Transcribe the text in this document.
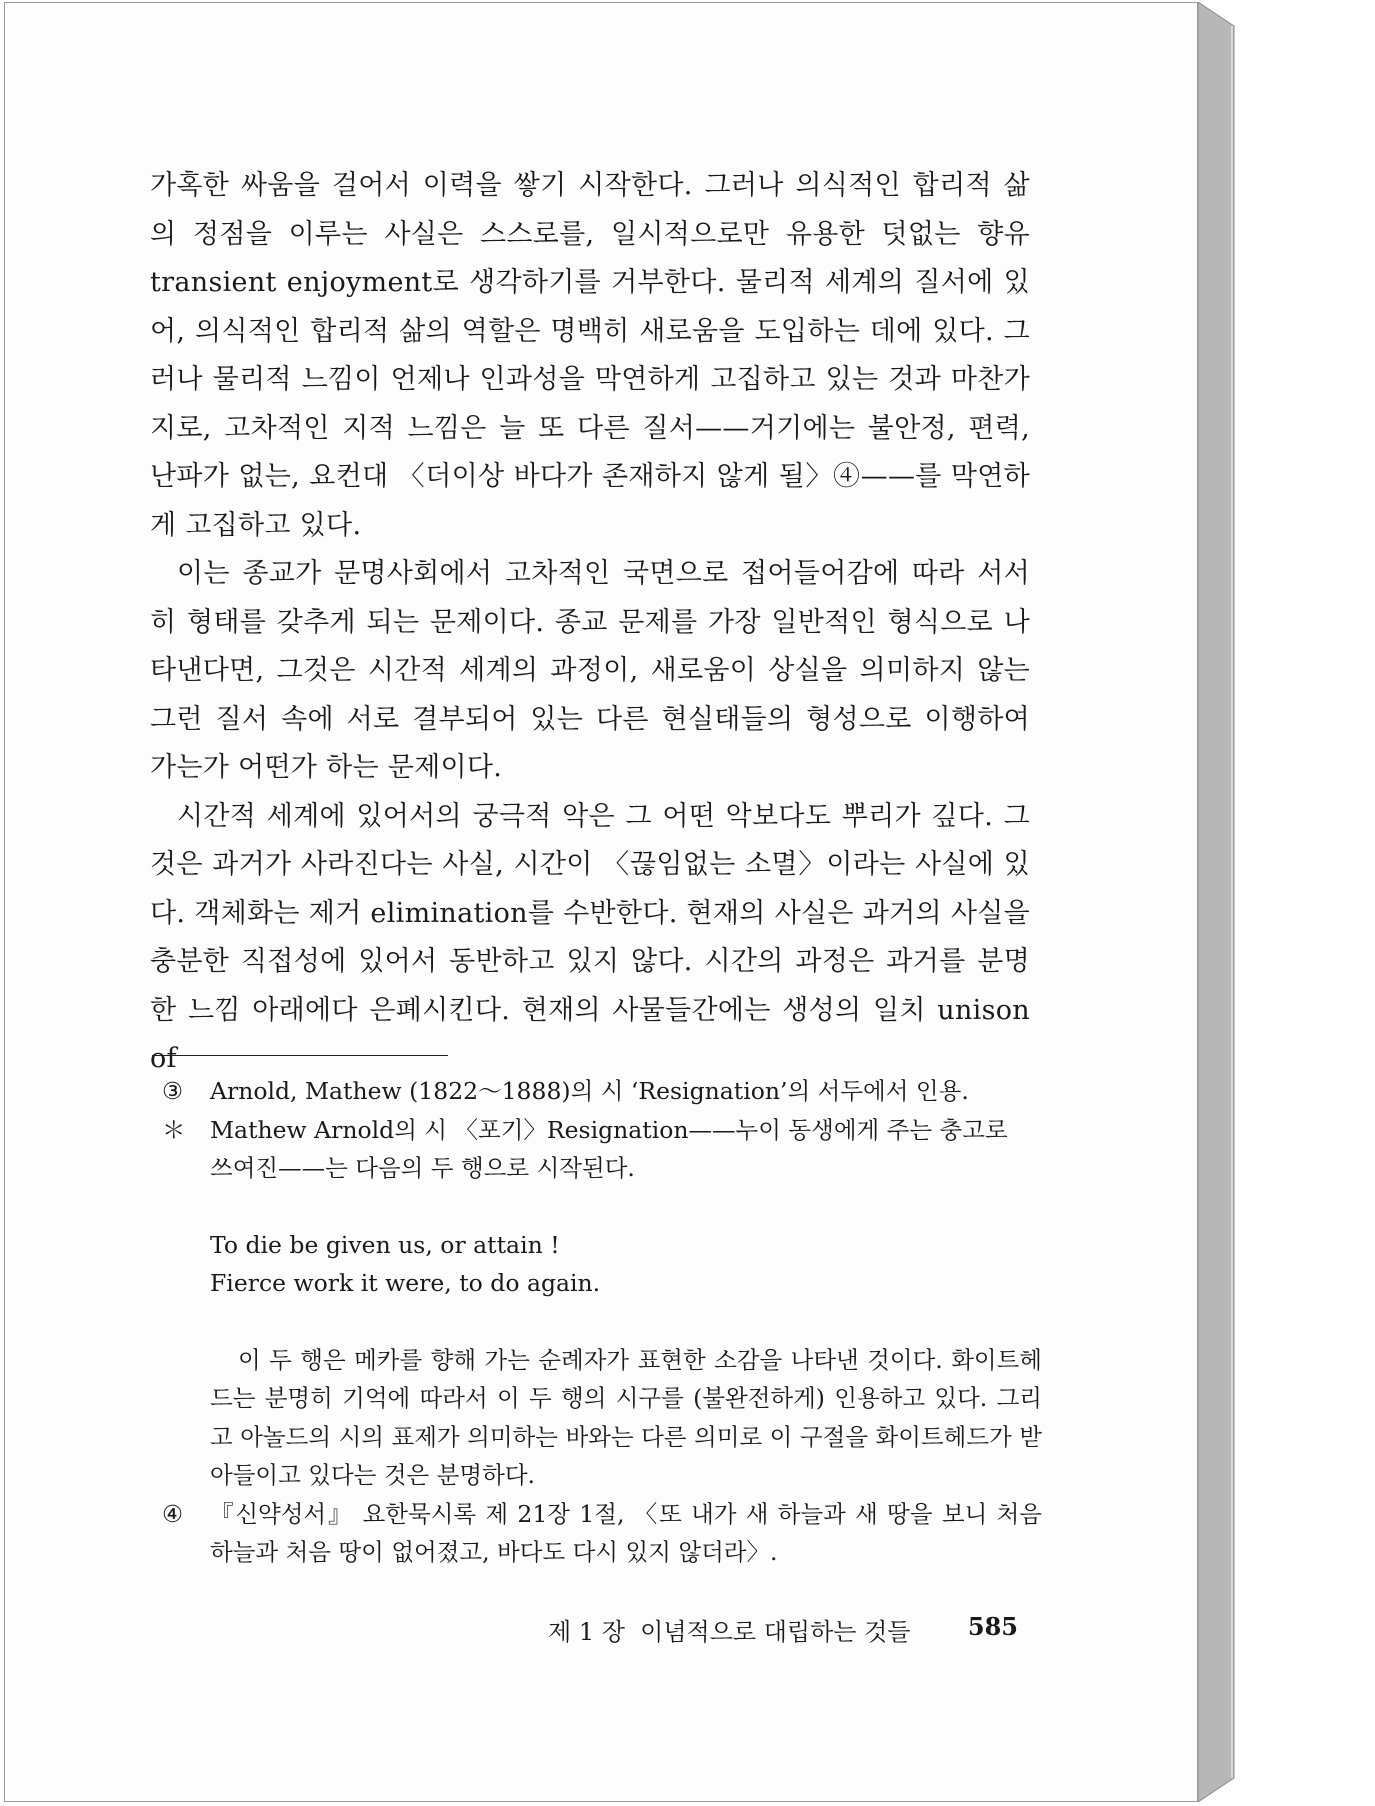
가혹한 싸움을 걸어서 이력을 쌓기 시작한다. 그러나 의식적인 합리적 삶의 정점을 이루는 사실은 스스로를, 일시적으로만 유용한 덧없는 향유 transient enjoyment로 생각하기를 거부한다. 물리적 세계의 질서에 있어, 의식적인 합리적 삶의 역할은 명백히 새로움을 도입하는 데에 있다. 그러나 물리적 느낌이 언제나 인과성을 막연하게 고집하고 있는 것과 마찬가지로, 고차적인 지적 느낌은 늘 또 다른 질서——거기에는 불안정, 편력, 난파가 없는, 요컨대 〈더이상 바다가 존재하지 않게 될〉④——를 막연하게 고집하고 있다.

이는 종교가 문명사회에서 고차적인 국면으로 접어들어감에 따라 서서히 형태를 갖추게 되는 문제이다. 종교 문제를 가장 일반적인 형식으로 나타낸다면, 그것은 시간적 세계의 과정이, 새로움이 상실을 의미하지 않는 그런 질서 속에 서로 결부되어 있는 다른 현실태들의 형성으로 이행하여 가는가 어떤가 하는 문제이다.

시간적 세계에 있어서의 궁극적 악은 그 어떤 악보다도 뿌리가 깊다. 그것은 과거가 사라진다는 사실, 시간이 〈끊임없는 소멸〉이라는 사실에 있다. 객체화는 제거 elimination를 수반한다. 현재의 사실은 과거의 사실을 충분한 직접성에 있어서 동반하고 있지 않다. 시간의 과정은 과거를 분명한 느낌 아래에다 은폐시킨다. 현재의 사물들간에는 생성의 일치 unison of

③	Arnold, Mathew (1822～1888)의 시 ‘Resignation’의 서두에서 인용.
＊	Mathew Arnold의 시 〈포기〉Resignation——누이 동생에게 주는 충고로
쓰여진——는 다음의 두 행으로 시작된다.
To die be given us, or attain !
Fierce work it were, to do again.
이 두 행은 메카를 향해 가는 순례자가 표현한 소감을 나타낸 것이다. 화이트헤드는 분명히 기억에 따라서 이 두 행의 시구를 (불완전하게) 인용하고 있다. 그리고 아놀드의 시의 표제가 의미하는 바와는 다른 의미로 이 구절을 화이트헤드가 받아들이고 있다는 것은 분명하다.
④	『신약성서』 요한묵시록 제 21장 1절, 〈또 내가 새 하늘과 새 땅을 보니 처음 하늘과 처음 땅이 없어졌고, 바다도 다시 있지 않더라〉.
제 1 장  이념적으로 대립하는 것들 585
